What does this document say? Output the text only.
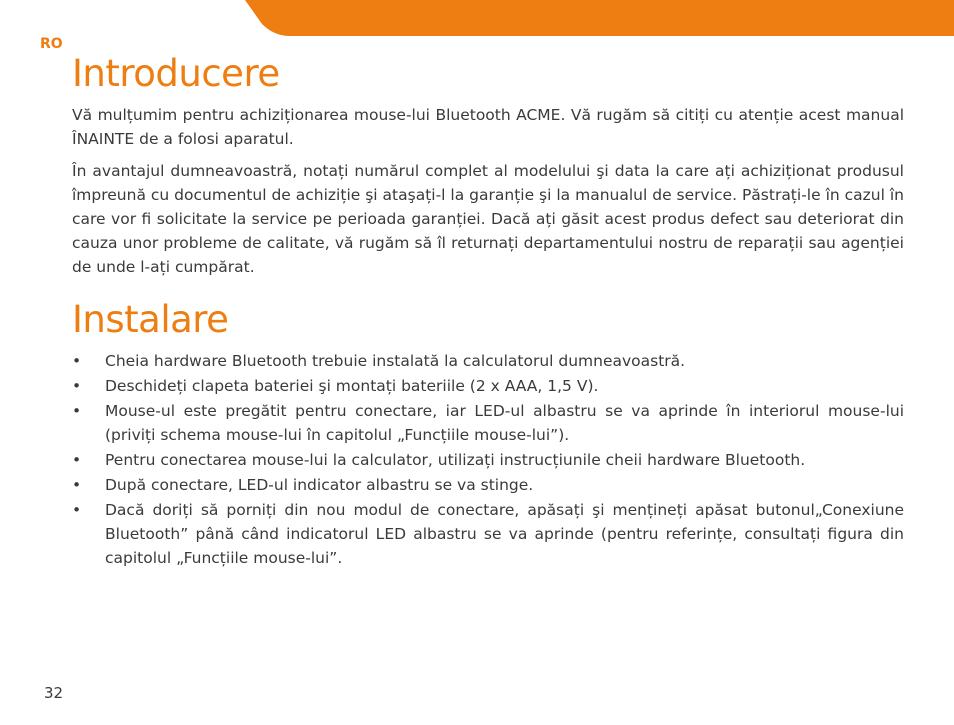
RO
Introducere

Vă mulțumim pentru achiziționarea mouse-lui Bluetooth ACME. Vă rugăm să citiți cu atenție acest manual ÎNAINTE de a folosi aparatul.

În avantajul dumneavoastră, notați numărul complet al modelului şi data la care ați achiziționat produsul împreună cu documentul de achiziție şi ataşați-l la garanție şi la manualul de service. Păstrați-le în cazul în care vor fi solicitate la service pe perioada garanției. Dacă ați găsit acest produs defect sau deteriorat din cauza unor probleme de calitate, vă rugăm să îl returnați departamentului nostru de reparații sau agenției de unde l-ați cumpărat.

Instalare
• Cheia hardware Bluetooth trebuie instalată la calculatorul dumneavoastră.
• Deschideți clapeta bateriei şi montați bateriile (2 x AAA, 1,5 V).
• Mouse-ul este pregătit pentru conectare, iar LED-ul albastru se va aprinde în interiorul mouse-lui (priviți schema mouse-lui în capitolul „Funcțiile mouse-lui”).
• Pentru conectarea mouse-lui la calculator, utilizați instrucțiunile cheii hardware Bluetooth.
• După conectare, LED-ul indicator albastru se va stinge.
• Dacă doriți să porniți din nou modul de conectare, apăsați şi mențineți apăsat butonul„Conexiune Bluetooth” până când indicatorul LED albastru se va aprinde (pentru referințe, consultați figura din capitolul „Funcțiile mouse-lui”.
32
